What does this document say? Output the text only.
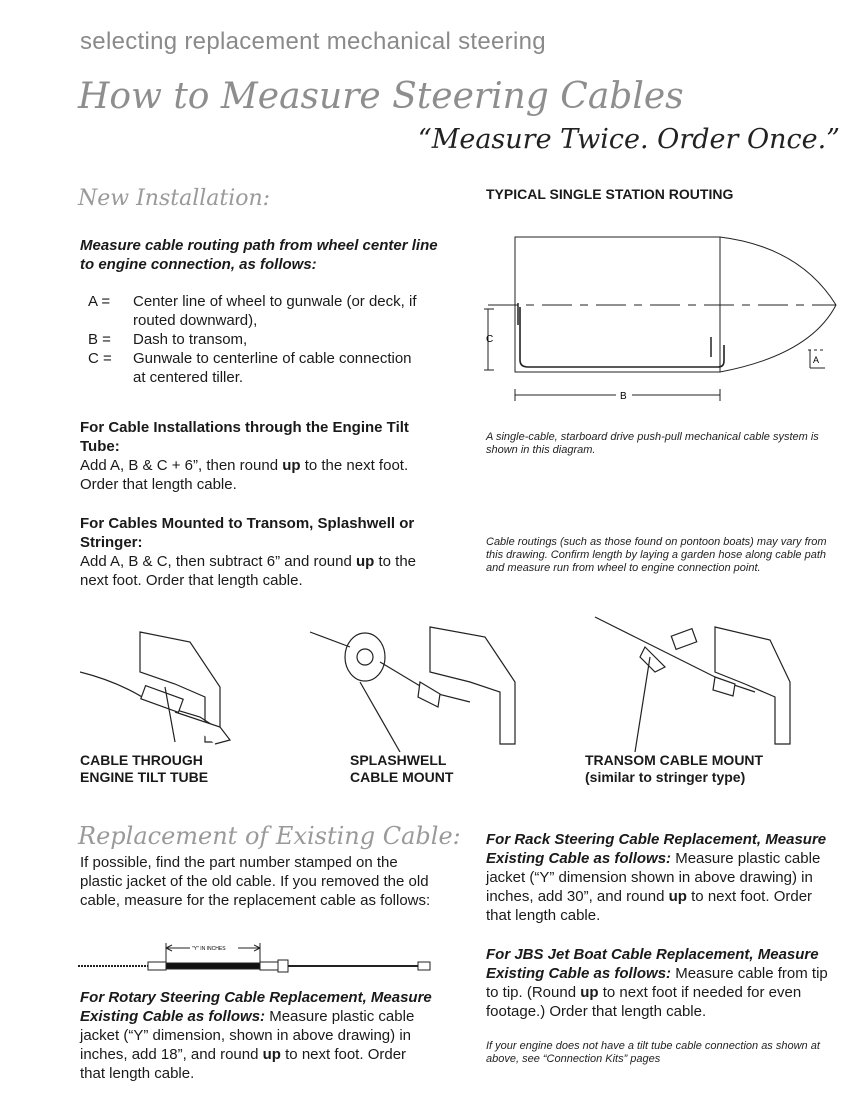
selecting replacement mechanical steering
How to Measure Steering Cables
“Measure Twice. Order Once.”
New Installation:
Measure cable routing path from wheel center line to engine connection, as follows:
A =	Center line of wheel to gunwale (or deck, if routed downward),
B =	Dash to transom,
C =	Gunwale to centerline of cable connection at centered tiller.
For Cable Installations through the Engine Tilt Tube:
Add A, B & C + 6”, then round up to the next foot. Order that length cable.
For Cables Mounted to Transom, Splashwell or Stringer:
Add A, B & C, then subtract 6” and round up to the next foot. Order that length cable.
TYPICAL SINGLE STATION ROUTING
C
A
B
A single-cable, starboard drive push-pull mechanical cable system is shown in this diagram.
Cable routings (such as those found on pontoon boats) may vary from this drawing. Confirm length by laying a garden hose along cable path and measure run from wheel to engine connection point.
CABLE THROUGH
ENGINE TILT TUBE
SPLASHWELL
CABLE MOUNT
TRANSOM CABLE MOUNT
(similar to stringer type)
Replacement of Existing Cable:
If possible, find the part number stamped on the plastic jacket of the old cable. If you removed the old cable, measure for the replacement cable as follows:
"Y" IN INCHES
For Rotary Steering Cable Replacement, Measure Existing Cable as follows: Measure plastic cable jacket (“Y” dimension, shown in above drawing) in inches, add 18”, and round up to next foot. Order that length cable.
For Rack Steering Cable Replacement, Measure Existing Cable as follows: Measure plastic cable jacket (“Y” dimension shown in above drawing) in inches, add 30”, and round up to next foot. Order that length cable.
For JBS Jet Boat Cable Replacement, Measure Existing Cable as follows: Measure cable from tip to tip. (Round up to next foot if needed for even footage.) Order that length cable.
If your engine does not have a tilt tube cable connection as shown at above, see “Connection Kits” pages
